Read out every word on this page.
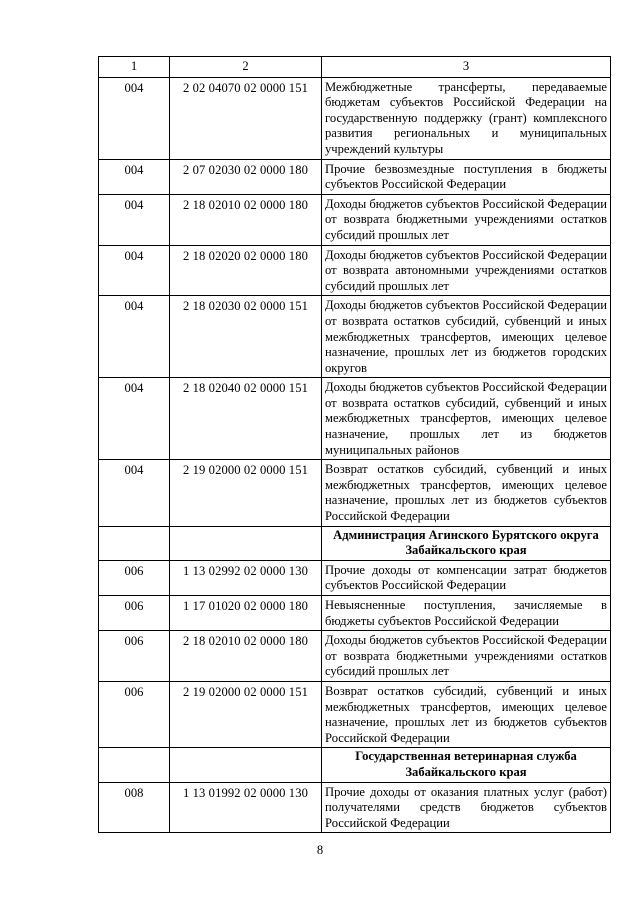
1	2	3
004	2 02 04070 02 0000 151	Межбюджетные трансферты, передаваемые бюджетам субъектов Российской Федерации на государственную поддержку (грант) комплексного развития региональных и муниципальных учреждений культуры
004	2 07 02030 02 0000 180	Прочие безвозмездные поступления в бюджеты субъектов Российской Федерации
004	2 18 02010 02 0000 180	Доходы бюджетов субъектов Российской Федерации от возврата бюджетными учреждениями остатков субсидий прошлых лет
004	2 18 02020 02 0000 180	Доходы бюджетов субъектов Российской Федерации от возврата автономными учреждениями остатков субсидий прошлых лет
004	2 18 02030 02 0000 151	Доходы бюджетов субъектов Российской Федерации от возврата остатков субсидий, субвенций и иных межбюджетных трансфертов, имеющих целевое назначение, прошлых лет из бюджетов городских округов
004	2 18 02040 02 0000 151	Доходы бюджетов субъектов Российской Федерации от возврата остатков субсидий, субвенций и иных межбюджетных трансфертов, имеющих целевое назначение, прошлых лет из бюджетов муниципальных районов
004	2 19 02000 02 0000 151	Возврат остатков субсидий, субвенций и иных межбюджетных трансфертов, имеющих целевое назначение, прошлых лет из бюджетов субъектов Российской Федерации
		Администрация Агинского Бурятского округа Забайкальского края
006	1 13 02992 02 0000 130	Прочие доходы от компенсации затрат бюджетов субъектов Российской Федерации
006	1 17 01020 02 0000 180	Невыясненные поступления, зачисляемые в бюджеты субъектов Российской Федерации
006	2 18 02010 02 0000 180	Доходы бюджетов субъектов Российской Федерации от возврата бюджетными учреждениями остатков субсидий прошлых лет
006	2 19 02000 02 0000 151	Возврат остатков субсидий, субвенций и иных межбюджетных трансфертов, имеющих целевое назначение, прошлых лет из бюджетов субъектов Российской Федерации
		Государственная ветеринарная служба Забайкальского края
008	1 13 01992 02 0000 130	Прочие доходы от оказания платных услуг (работ) получателями средств бюджетов субъектов Российской Федерации
8
